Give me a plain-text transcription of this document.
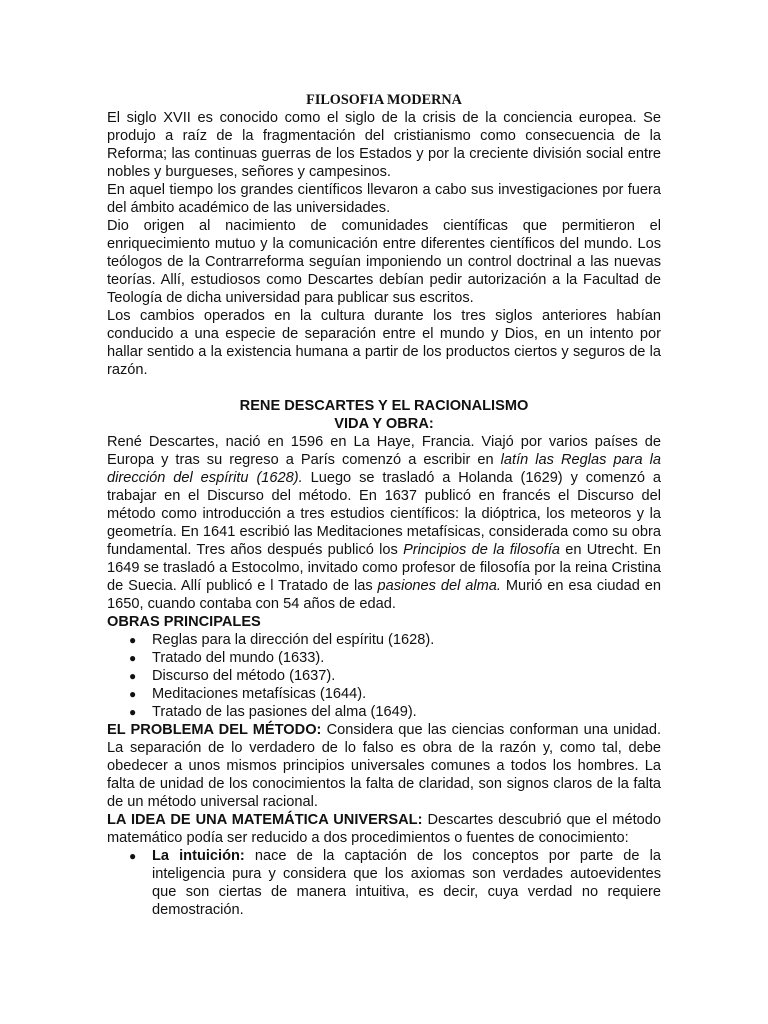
FILOSOFIA MODERNA

El siglo XVII es conocido como el siglo de la crisis de la conciencia europea. Se produjo a raíz de la fragmentación del cristianismo como consecuencia de la Reforma; las continuas guerras de los Estados y por la creciente división social entre nobles y burgueses, señores y campesinos.

En aquel tiempo los grandes científicos llevaron a cabo sus investigaciones por fuera del ámbito académico de las universidades.

Dio origen al nacimiento de comunidades científicas que permitieron el enriquecimiento mutuo y la comunicación entre diferentes científicos del mundo. Los teólogos de la Contrarreforma seguían imponiendo un control doctrinal a las nuevas teorías. Allí, estudiosos como Descartes debían pedir autorización a la Facultad de Teología de dicha universidad para publicar sus escritos.

Los cambios operados en la cultura durante los tres siglos anteriores habían conducido a una especie de separación entre el mundo y Dios, en un intento por hallar sentido a la existencia humana a partir de los productos ciertos y seguros de la razón.

RENE DESCARTES Y EL RACIONALISMO

VIDA Y OBRA:

René Descartes, nació en 1596 en La Haye, Francia. Viajó por varios países de Europa y tras su regreso a París comenzó a escribir en latín las Reglas para la dirección del espíritu (1628). Luego se trasladó a Holanda (1629) y comenzó a trabajar en el Discurso del método. En 1637 publicó en francés el Discurso del método como introducción a tres estudios científicos: la dióptrica, los meteoros y la geometría. En 1641 escribió las Meditaciones metafísicas, considerada como su obra fundamental. Tres años después publicó los Principios de la filosofía en Utrecht. En 1649 se trasladó a Estocolmo, invitado como profesor de filosofía por la reina Cristina de Suecia. Allí publicó e l Tratado de las pasiones del alma. Murió en esa ciudad en 1650, cuando contaba con 54 años de edad.

OBRAS PRINCIPALES

● Reglas para la dirección del espíritu (1628).
● Tratado del mundo (1633).
● Discurso del método (1637).
● Meditaciones metafísicas (1644).
● Tratado de las pasiones del alma (1649).

EL PROBLEMA DEL MÉTODO: Considera que las ciencias conforman una unidad. La separación de lo verdadero de lo falso es obra de la razón y, como tal, debe obedecer a unos mismos principios universales comunes a todos los hombres. La falta de unidad de los conocimientos la falta de claridad, son signos claros de la falta de un método universal racional.

LA IDEA DE UNA MATEMÁTICA UNIVERSAL: Descartes descubrió que el método matemático podía ser reducido a dos procedimientos o fuentes de conocimiento:

● La intuición: nace de la captación de los conceptos por parte de la inteligencia pura y considera que los axiomas son verdades autoevidentes que son ciertas de manera intuitiva, es decir, cuya verdad no requiere demostración.
